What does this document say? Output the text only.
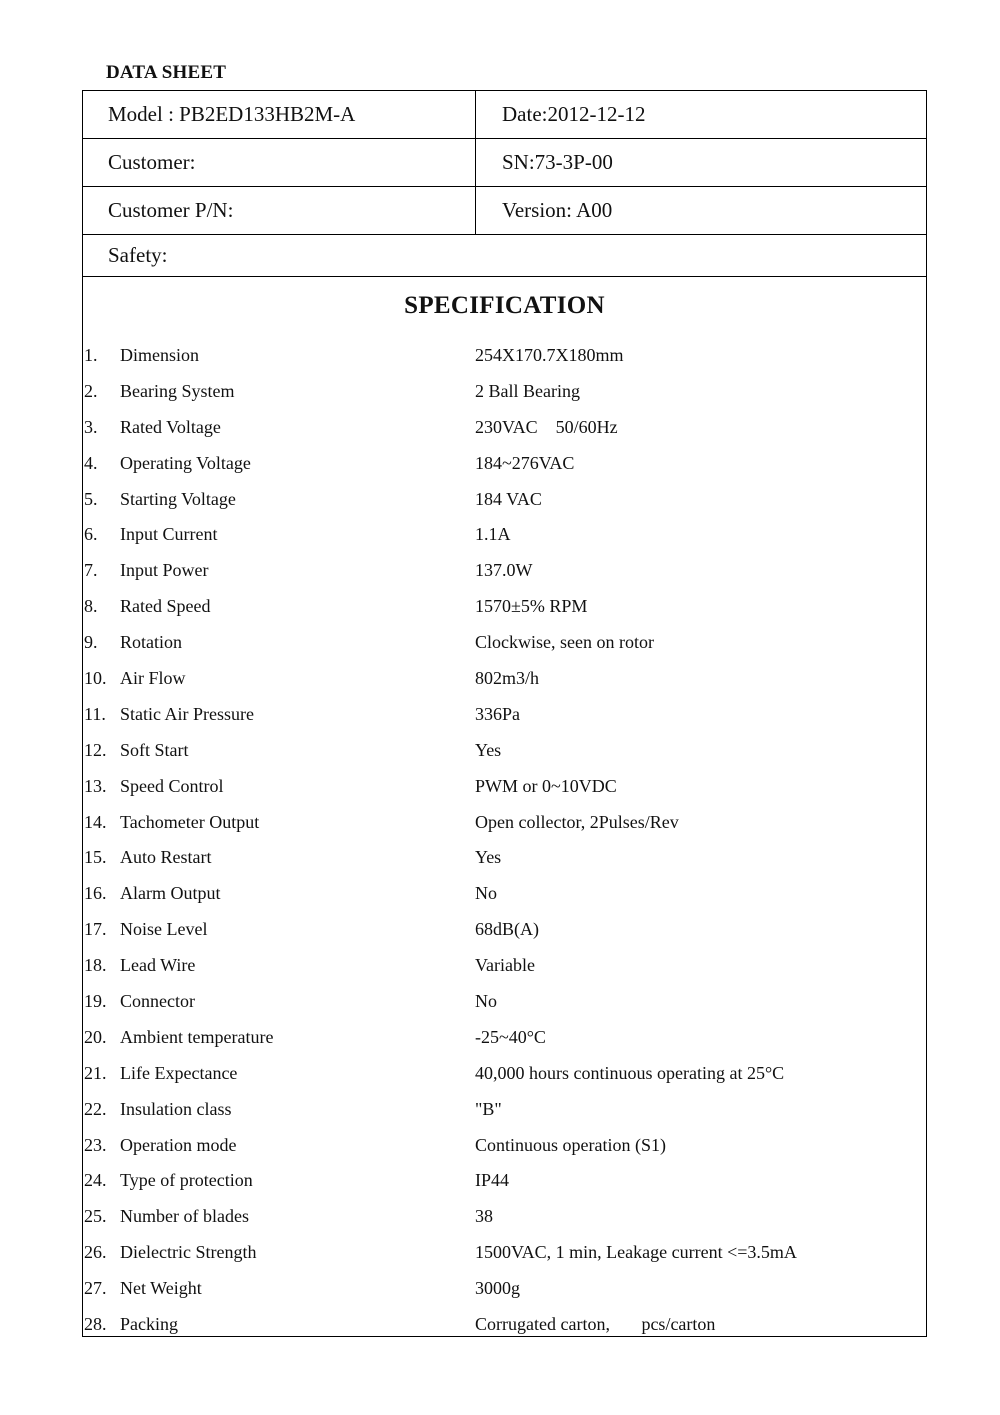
DATA SHEET
Model : PB2ED133HB2M-A	Date:2012-12-12
Customer:	SN:73-3P-00
Customer P/N:	Version: A00
Safety:
SPECIFICATION
1. Dimension	254X170.7X180mm
2. Bearing System	2 Ball Bearing
3. Rated Voltage	230VAC    50/60Hz
4. Operating Voltage	184~276VAC
5. Starting Voltage	184 VAC
6. Input Current	1.1A
7. Input Power	137.0W
8. Rated Speed	1570±5% RPM
9. Rotation	Clockwise, seen on rotor
10. Air Flow	802m3/h
11. Static Air Pressure	336Pa
12. Soft Start	Yes
13. Speed Control	PWM or 0~10VDC
14. Tachometer Output	Open collector, 2Pulses/Rev
15. Auto Restart	Yes
16. Alarm Output	No
17. Noise Level	68dB(A)
18. Lead Wire	Variable
19. Connector	No
20. Ambient temperature	-25~40°C
21. Life Expectance	40,000 hours continuous operating at 25°C
22. Insulation class	"B"
23. Operation mode	Continuous operation (S1)
24. Type of protection	IP44
25. Number of blades	38
26. Dielectric Strength	1500VAC, 1 min, Leakage current <=3.5mA
27. Net Weight	3000g
28. Packing	Corrugated carton,       pcs/carton
